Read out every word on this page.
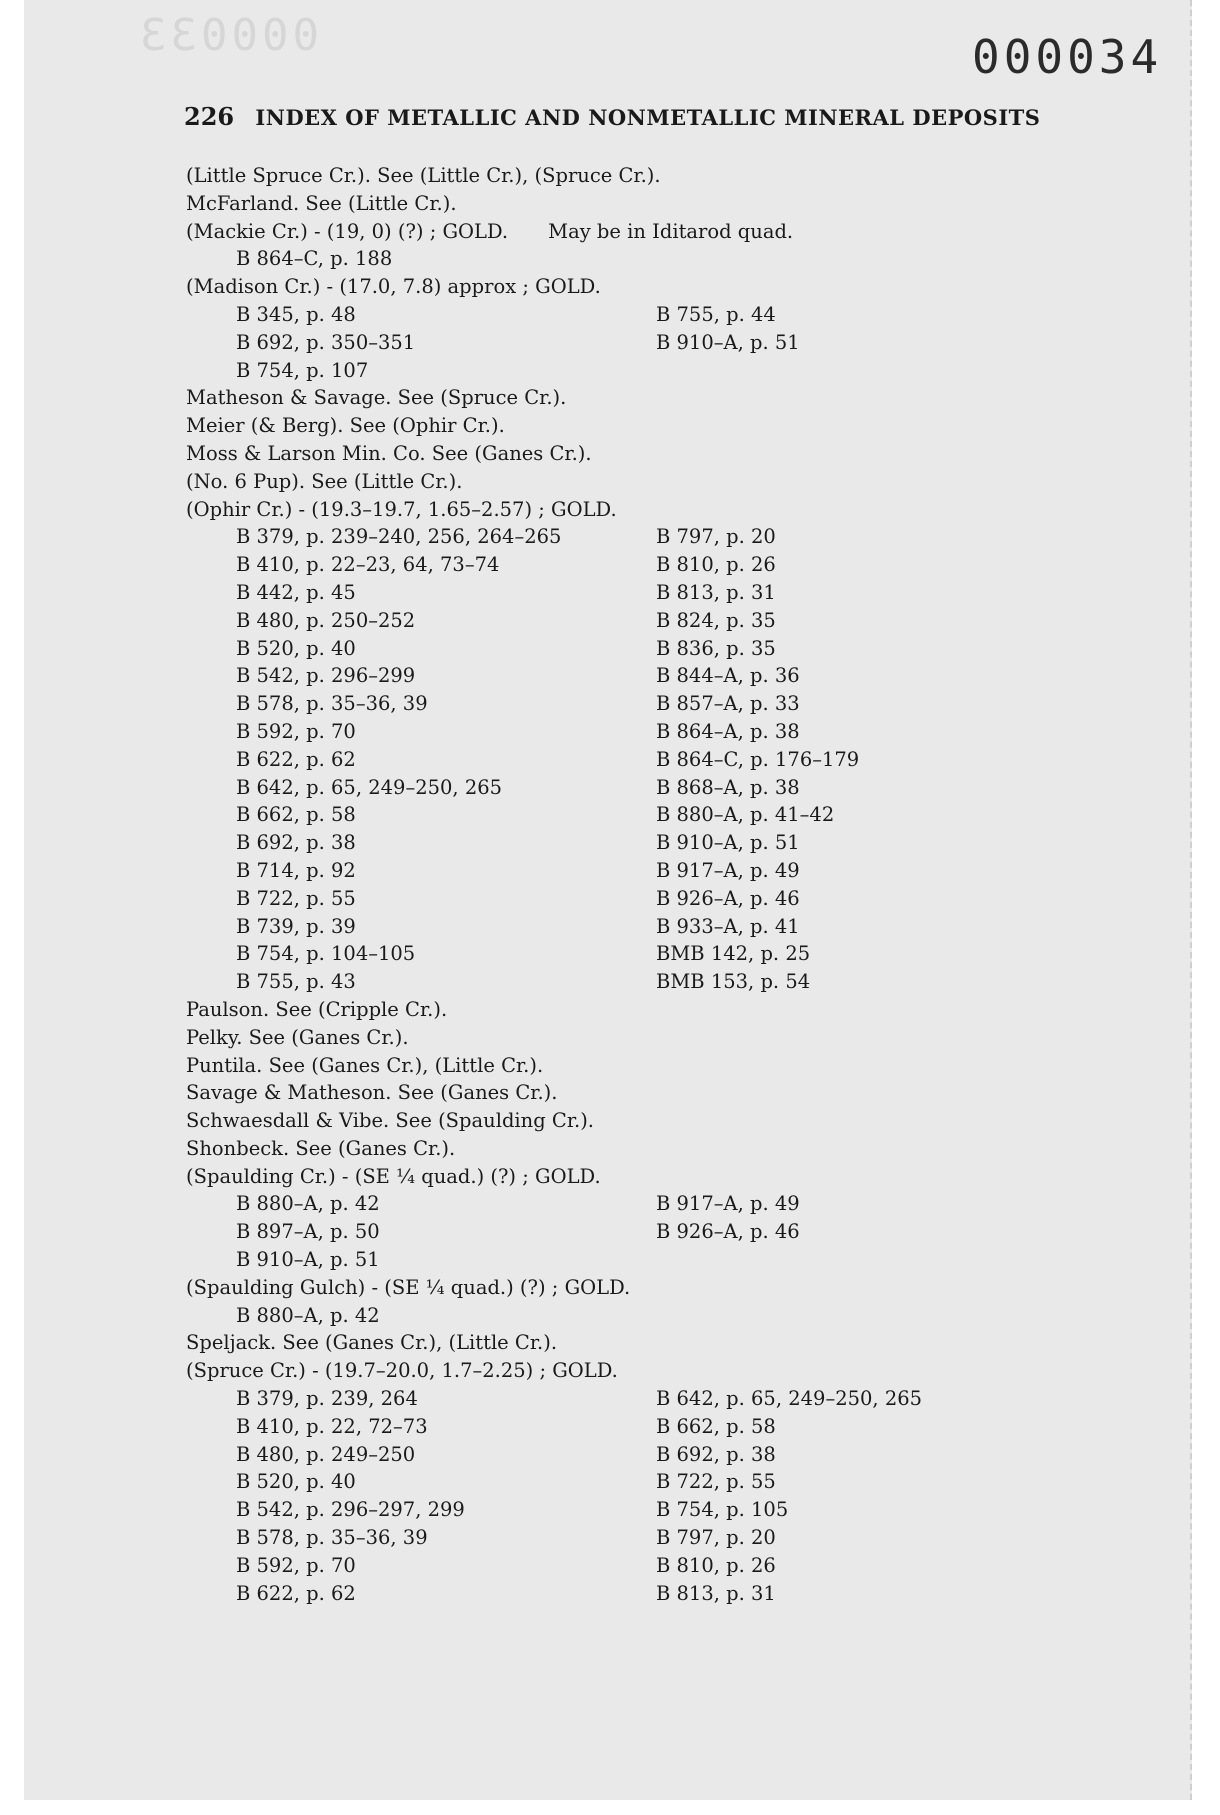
000033	000034
226 INDEX OF METALLIC AND NONMETALLIC MINERAL DEPOSITS
(Little Spruce Cr.). See (Little Cr.), (Spruce Cr.).
McFarland. See (Little Cr.).
(Mackie Cr.) - (19, 0) (?) ; GOLD. May be in Iditarod quad.
B 864–C, p. 188
(Madison Cr.) - (17.0, 7.8) approx ; GOLD.
B 345, p. 48	B 755, p. 44
B 692, p. 350–351	B 910–A, p. 51
B 754, p. 107
Matheson & Savage. See (Spruce Cr.).
Meier (& Berg). See (Ophir Cr.).
Moss & Larson Min. Co. See (Ganes Cr.).
(No. 6 Pup). See (Little Cr.).
(Ophir Cr.) - (19.3–19.7, 1.65–2.57) ; GOLD.
B 379, p. 239–240, 256, 264–265	B 797, p. 20
B 410, p. 22–23, 64, 73–74	B 810, p. 26
B 442, p. 45	B 813, p. 31
B 480, p. 250–252	B 824, p. 35
B 520, p. 40	B 836, p. 35
B 542, p. 296–299	B 844–A, p. 36
B 578, p. 35–36, 39	B 857–A, p. 33
B 592, p. 70	B 864–A, p. 38
B 622, p. 62	B 864–C, p. 176–179
B 642, p. 65, 249–250, 265	B 868–A, p. 38
B 662, p. 58	B 880–A, p. 41–42
B 692, p. 38	B 910–A, p. 51
B 714, p. 92	B 917–A, p. 49
B 722, p. 55	B 926–A, p. 46
B 739, p. 39	B 933–A, p. 41
B 754, p. 104–105	BMB 142, p. 25
B 755, p. 43	BMB 153, p. 54
Paulson. See (Cripple Cr.).
Pelky. See (Ganes Cr.).
Puntila. See (Ganes Cr.), (Little Cr.).
Savage & Matheson. See (Ganes Cr.).
Schwaesdall & Vibe. See (Spaulding Cr.).
Shonbeck. See (Ganes Cr.).
(Spaulding Cr.) - (SE ¼ quad.) (?) ; GOLD.
B 880–A, p. 42	B 917–A, p. 49
B 897–A, p. 50	B 926–A, p. 46
B 910–A, p. 51
(Spaulding Gulch) - (SE ¼ quad.) (?) ; GOLD.
B 880–A, p. 42
Speljack. See (Ganes Cr.), (Little Cr.).
(Spruce Cr.) - (19.7–20.0, 1.7–2.25) ; GOLD.
B 379, p. 239, 264	B 642, p. 65, 249–250, 265
B 410, p. 22, 72–73	B 662, p. 58
B 480, p. 249–250	B 692, p. 38
B 520, p. 40	B 722, p. 55
B 542, p. 296–297, 299	B 754, p. 105
B 578, p. 35–36, 39	B 797, p. 20
B 592, p. 70	B 810, p. 26
B 622, p. 62	B 813, p. 31
